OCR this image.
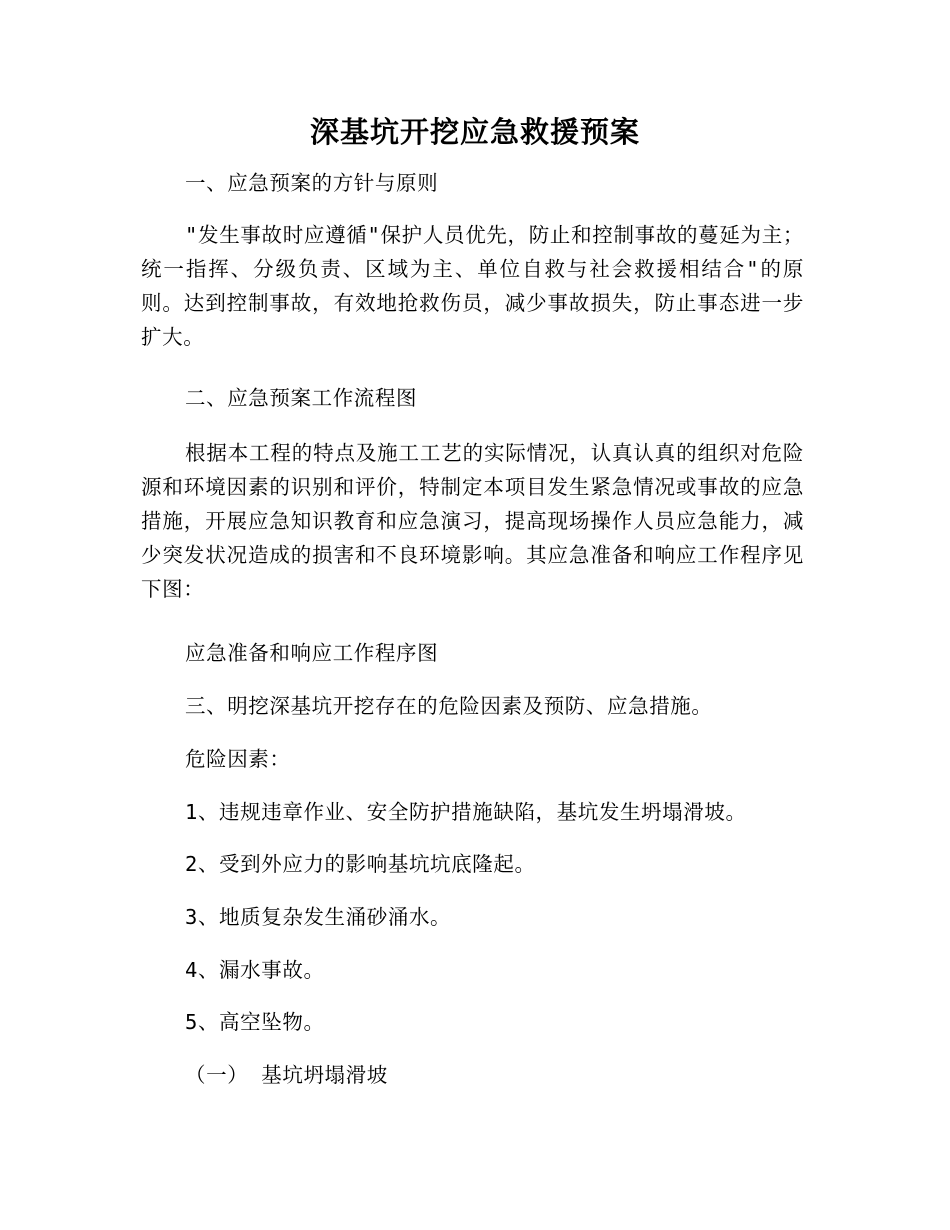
深基坑开挖应急救援预案

一、应急预案的方针与原则

"发生事故时应遵循"保护人员优先，防止和控制事故的蔓延为主；统一指挥、分级负责、区域为主、单位自救与社会救援相结合"的原则。达到控制事故，有效地抢救伤员，减少事故损失，防止事态进一步扩大。

二、应急预案工作流程图

根据本工程的特点及施工工艺的实际情况，认真认真的组织对危险源和环境因素的识别和评价，特制定本项目发生紧急情况或事故的应急措施，开展应急知识教育和应急演习，提高现场操作人员应急能力，减少突发状况造成的损害和不良环境影响。其应急准备和响应工作程序见下图：

应急准备和响应工作程序图

三、明挖深基坑开挖存在的危险因素及预防、应急措施。

危险因素：

1、违规违章作业、安全防护措施缺陷，基坑发生坍塌滑坡。

2、受到外应力的影响基坑坑底隆起。

3、地质复杂发生涌砂涌水。

4、漏水事故。

5、高空坠物。

（一） 基坑坍塌滑坡
